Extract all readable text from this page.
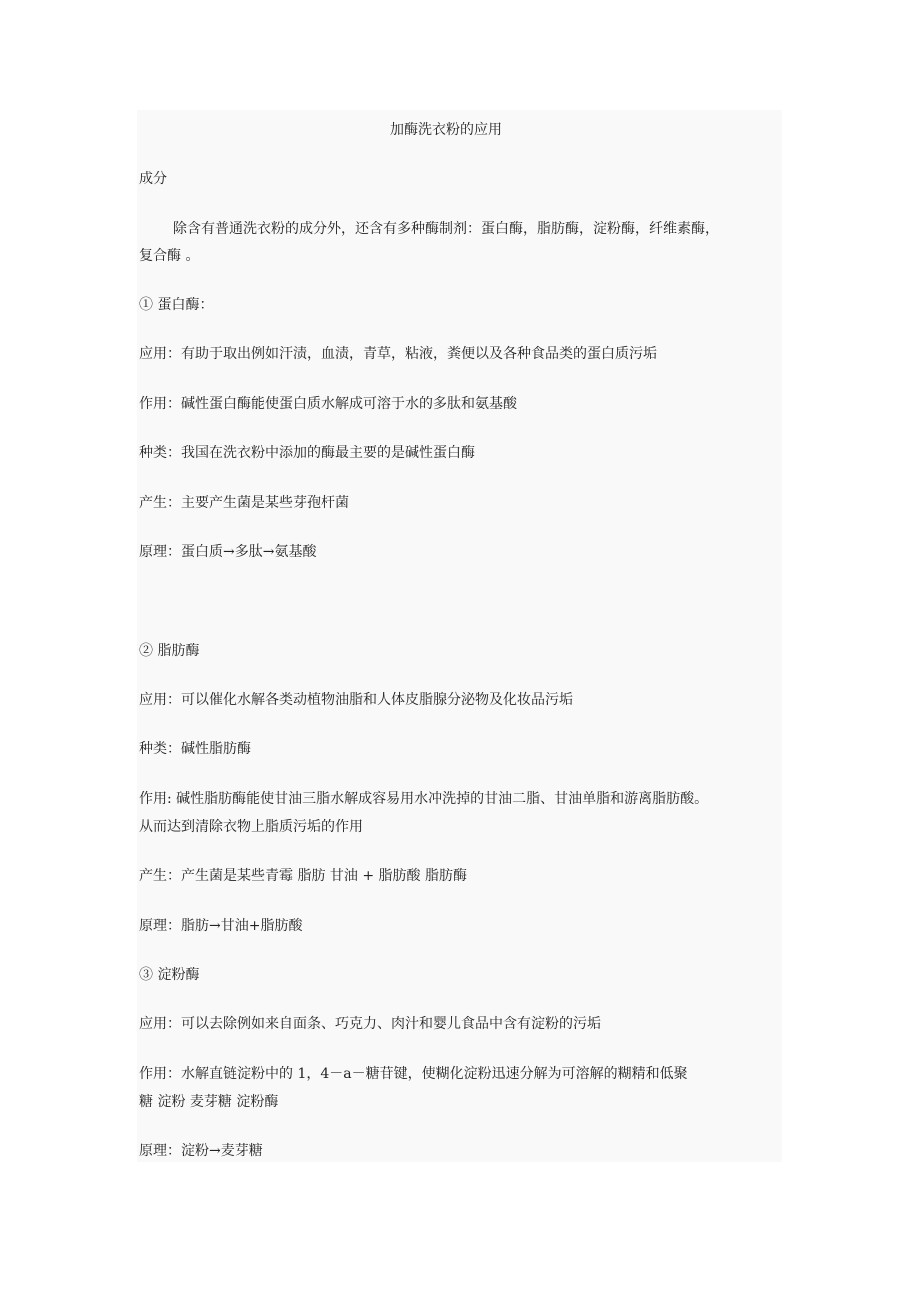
加酶洗衣粉的应用
成分
除含有普通洗衣粉的成分外，还含有多种酶制剂：蛋白酶，脂肪酶，淀粉酶，纤维素酶，
复合酶 。
① 蛋白酶：
应用：有助于取出例如汗渍，血渍，青草，粘液，粪便以及各种食品类的蛋白质污垢
作用：碱性蛋白酶能使蛋白质水解成可溶于水的多肽和氨基酸
种类：我国在洗衣粉中添加的酶最主要的是碱性蛋白酶
产生：主要产生菌是某些芽孢杆菌
原理：蛋白质→多肽→氨基酸
② 脂肪酶
应用：可以催化水解各类动植物油脂和人体皮脂腺分泌物及化妆品污垢
种类：碱性脂肪酶
作用: 碱性脂肪酶能使甘油三脂水解成容易用水冲洗掉的甘油二脂、甘油单脂和游离脂肪酸。
从而达到清除衣物上脂质污垢的作用
产生：产生菌是某些青霉 脂肪 甘油 + 脂肪酸 脂肪酶
原理：脂肪→甘油+脂肪酸
③ 淀粉酶
应用：可以去除例如来自面条、巧克力、肉汁和婴儿食品中含有淀粉的污垢
作用：水解直链淀粉中的 1，4－a－糖苷键，使糊化淀粉迅速分解为可溶解的糊精和低聚
糖 淀粉 麦芽糖 淀粉酶
原理：淀粉→麦芽糖
